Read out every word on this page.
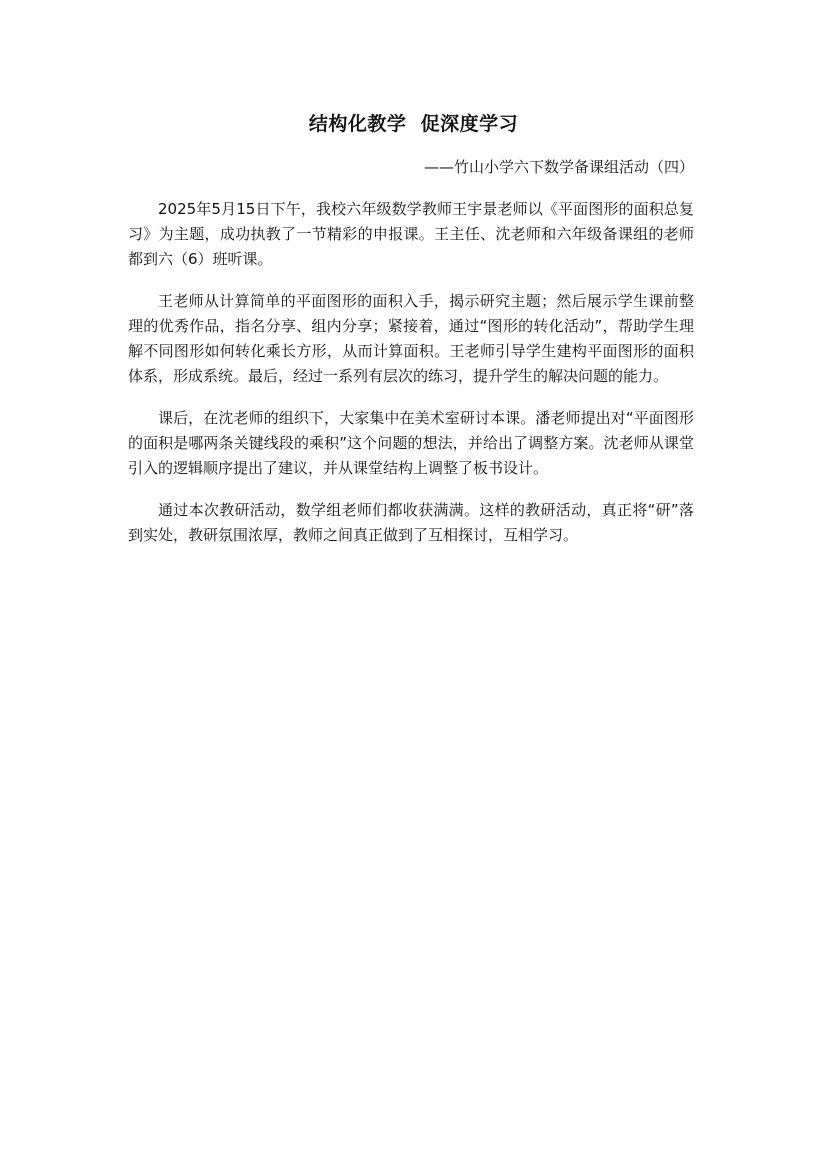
结构化教学  促深度学习
——竹山小学六下数学备课组活动（四）

2025年5月15日下午，我校六年级数学教师王宇景老师以《平面图形的面积总复习》为主题，成功执教了一节精彩的申报课。王主任、沈老师和六年级备课组的老师都到六（6）班听课。

王老师从计算简单的平面图形的面积入手，揭示研究主题；然后展示学生课前整理的优秀作品，指名分享、组内分享；紧接着，通过“图形的转化活动”，帮助学生理解不同图形如何转化乘长方形，从而计算面积。王老师引导学生建构平面图形的面积体系，形成系统。最后，经过一系列有层次的练习，提升学生的解决问题的能力。

课后，在沈老师的组织下，大家集中在美术室研讨本课。潘老师提出对“平面图形的面积是哪两条关键线段的乘积”这个问题的想法，并给出了调整方案。沈老师从课堂引入的逻辑顺序提出了建议，并从课堂结构上调整了板书设计。

通过本次教研活动，数学组老师们都收获满满。这样的教研活动，真正将“研”落到实处，教研氛围浓厚，教师之间真正做到了互相探讨，互相学习。
